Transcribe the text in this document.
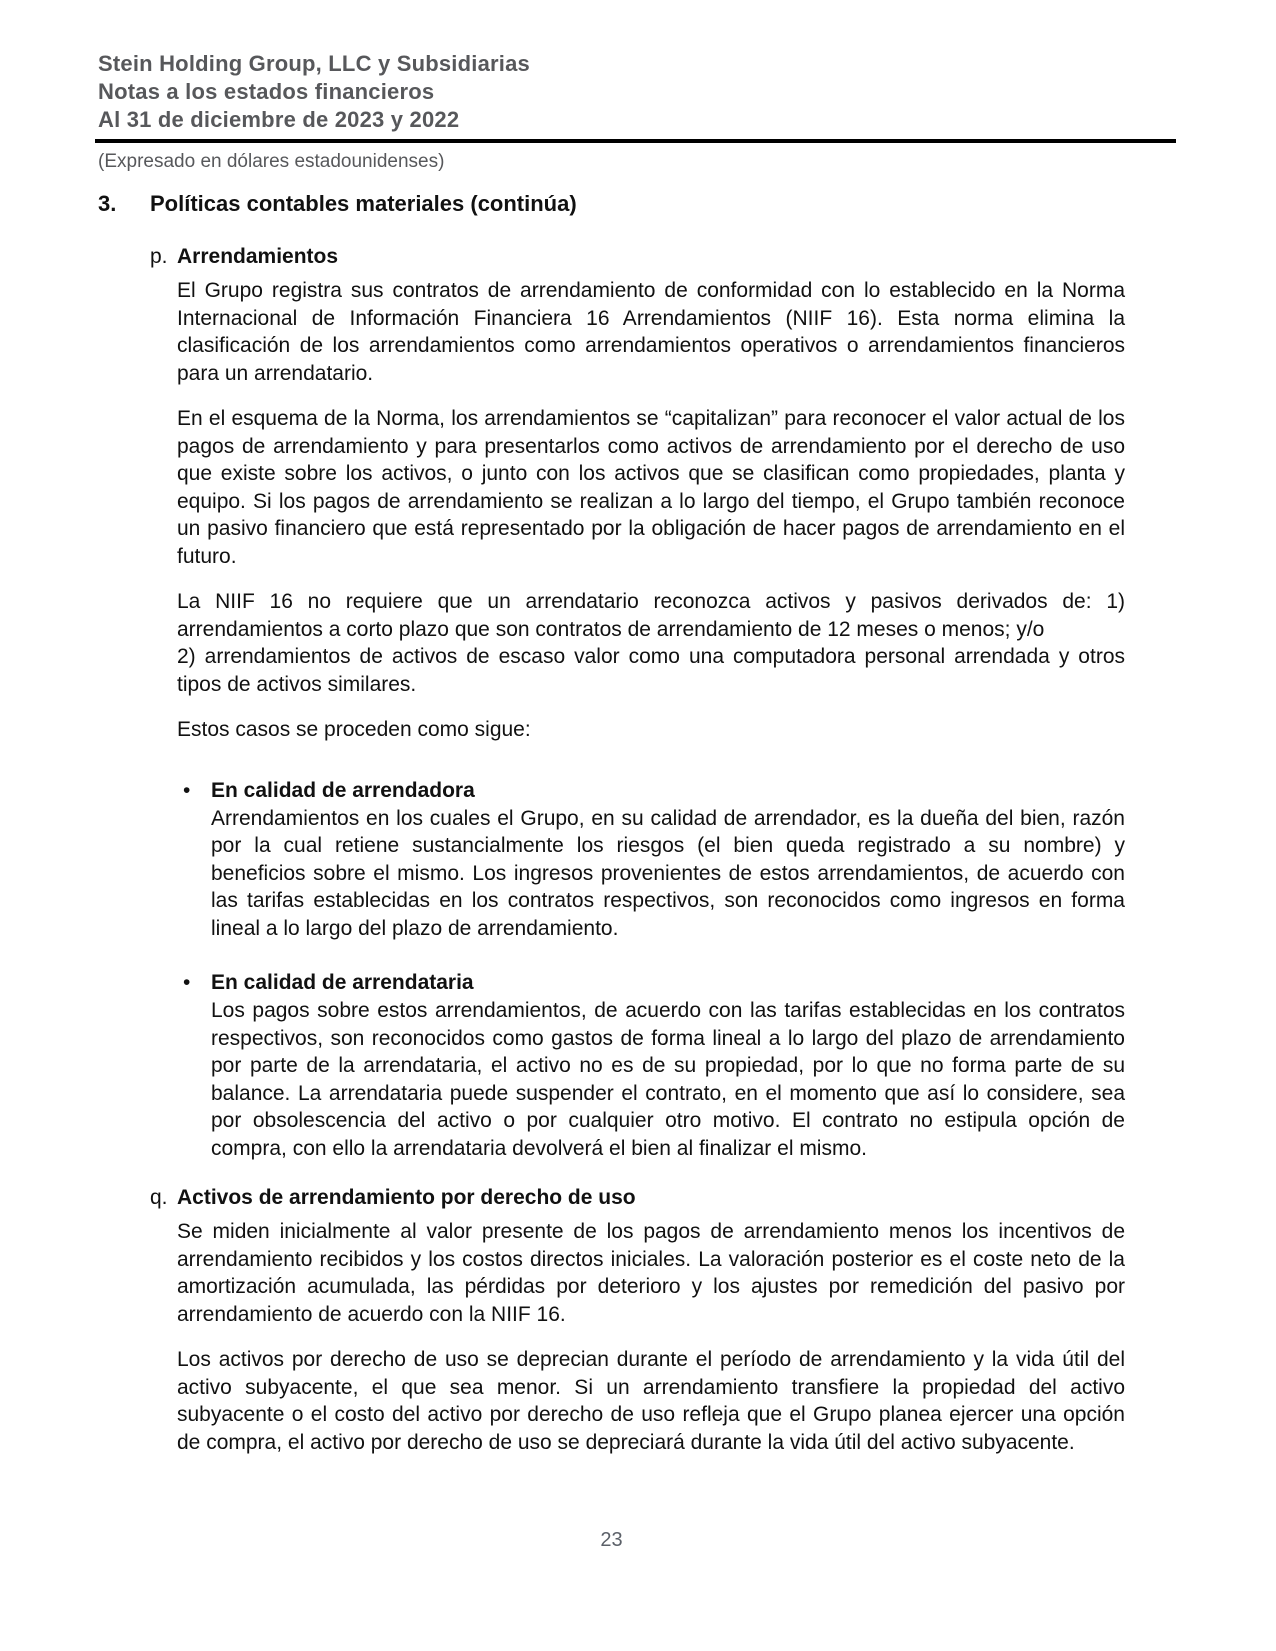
Stein Holding Group, LLC y Subsidiarias
Notas a los estados financieros
Al 31 de diciembre de 2023 y 2022
(Expresado en dólares estadounidenses)
3.	Políticas contables materiales (continúa)
p. Arrendamientos

El Grupo registra sus contratos de arrendamiento de conformidad con lo establecido en la Norma Internacional de Información Financiera 16 Arrendamientos (NIIF 16). Esta norma elimina la clasificación de los arrendamientos como arrendamientos operativos o arrendamientos financieros para un arrendatario.

En el esquema de la Norma, los arrendamientos se “capitalizan” para reconocer el valor actual de los pagos de arrendamiento y para presentarlos como activos de arrendamiento por el derecho de uso que existe sobre los activos, o junto con los activos que se clasifican como propiedades, planta y equipo. Si los pagos de arrendamiento se realizan a lo largo del tiempo, el Grupo también reconoce un pasivo financiero que está representado por la obligación de hacer pagos de arrendamiento en el futuro.

La NIIF 16 no requiere que un arrendatario reconozca activos y pasivos derivados de: 1) arrendamientos a corto plazo que son contratos de arrendamiento de 12 meses o menos; y/o
2) arrendamientos de activos de escaso valor como una computadora personal arrendada y otros tipos de activos similares.

Estos casos se proceden como sigue:

• En calidad de arrendadora

Arrendamientos en los cuales el Grupo, en su calidad de arrendador, es la dueña del bien, razón por la cual retiene sustancialmente los riesgos (el bien queda registrado a su nombre) y beneficios sobre el mismo. Los ingresos provenientes de estos arrendamientos, de acuerdo con las tarifas establecidas en los contratos respectivos, son reconocidos como ingresos en forma lineal a lo largo del plazo de arrendamiento.

• En calidad de arrendataria

Los pagos sobre estos arrendamientos, de acuerdo con las tarifas establecidas en los contratos respectivos, son reconocidos como gastos de forma lineal a lo largo del plazo de arrendamiento por parte de la arrendataria, el activo no es de su propiedad, por lo que no forma parte de su balance. La arrendataria puede suspender el contrato, en el momento que así lo considere, sea por obsolescencia del activo o por cualquier otro motivo. El contrato no estipula opción de compra, con ello la arrendataria devolverá el bien al finalizar el mismo.

q. Activos de arrendamiento por derecho de uso

Se miden inicialmente al valor presente de los pagos de arrendamiento menos los incentivos de arrendamiento recibidos y los costos directos iniciales. La valoración posterior es el coste neto de la amortización acumulada, las pérdidas por deterioro y los ajustes por remedición del pasivo por arrendamiento de acuerdo con la NIIF 16.

Los activos por derecho de uso se deprecian durante el período de arrendamiento y la vida útil del activo subyacente, el que sea menor. Si un arrendamiento transfiere la propiedad del activo subyacente o el costo del activo por derecho de uso refleja que el Grupo planea ejercer una opción de compra, el activo por derecho de uso se depreciará durante la vida útil del activo subyacente.

23
